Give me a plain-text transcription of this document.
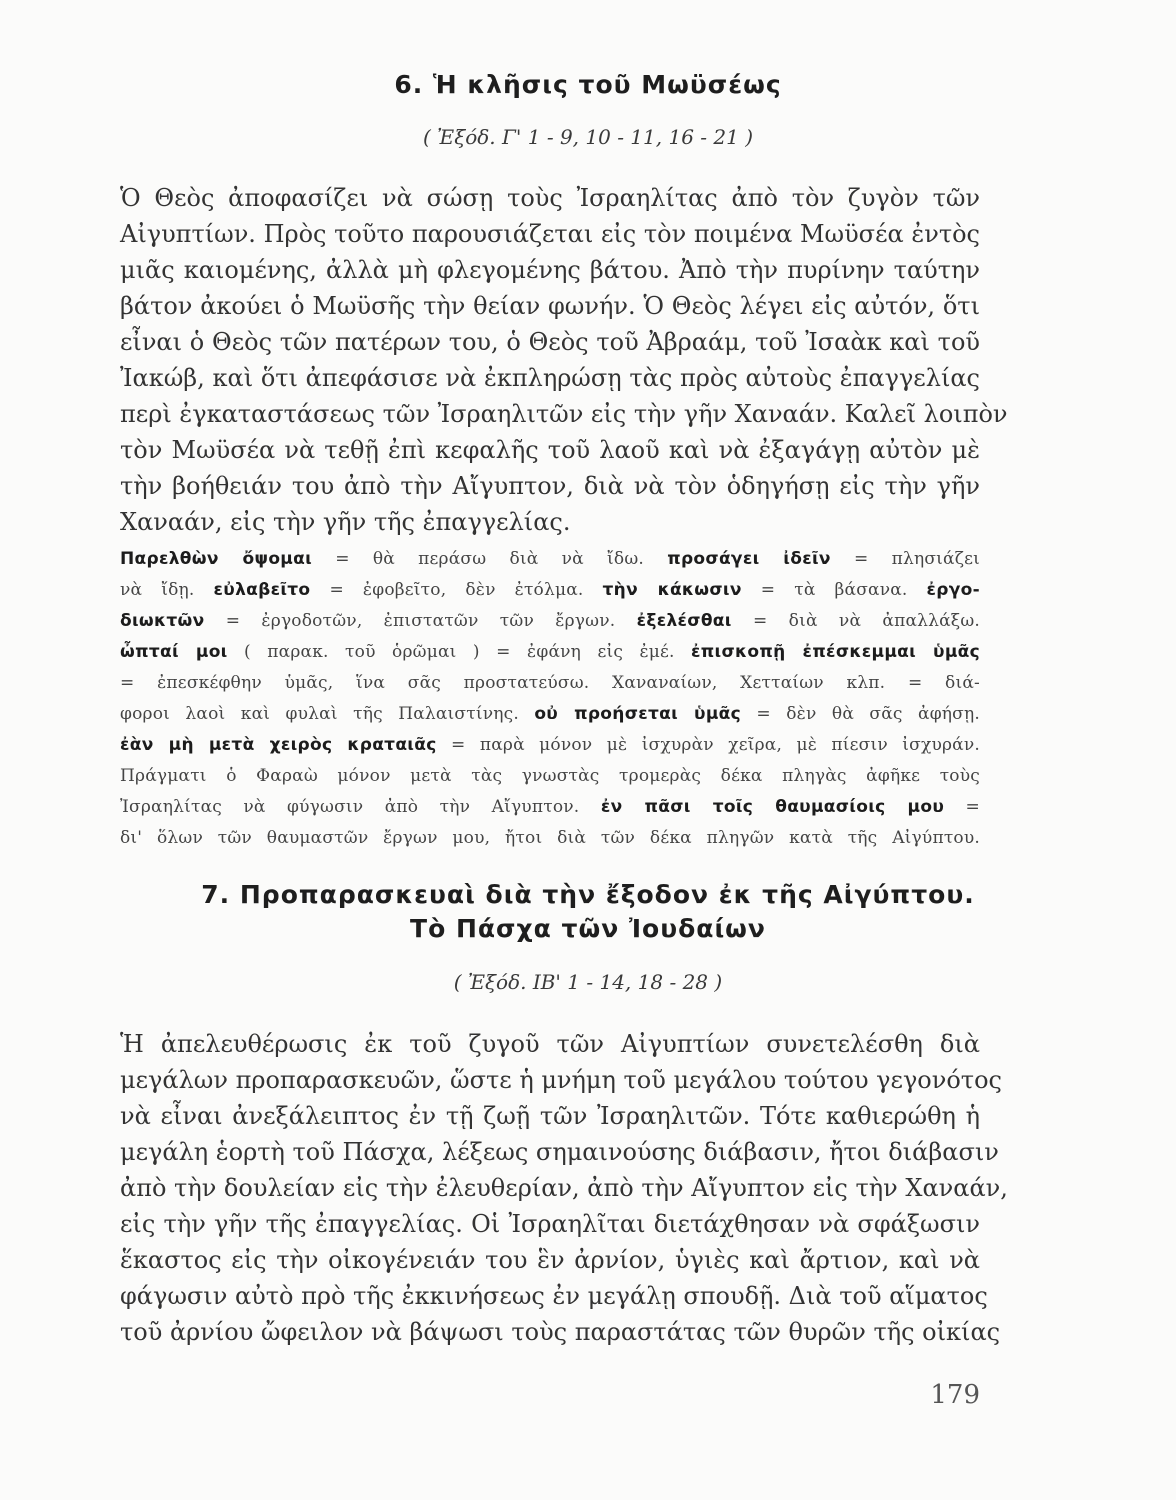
6. Ἡ κλῆσις τοῦ Μωϋσέως
( Ἐξόδ. Γ' 1 - 9, 10 - 11, 16 - 21 )
Ὁ Θεὸς ἀποφασίζει νὰ σώσῃ τοὺς Ἰσραηλίτας ἀπὸ τὸν ζυγὸν τῶν
Αἰγυπτίων. Πρὸς τοῦτο παρουσιάζεται εἰς τὸν ποιμένα Μωϋσέα ἐντὸς
μιᾶς καιομένης, ἀλλὰ μὴ φλεγομένης βάτου. Ἀπὸ τὴν πυρίνην ταύτην
βάτον ἀκούει ὁ Μωϋσῆς τὴν θείαν φωνήν. Ὁ Θεὸς λέγει εἰς αὐτόν, ὅτι
εἶναι ὁ Θεὸς τῶν πατέρων του, ὁ Θεὸς τοῦ Ἀβραάμ, τοῦ Ἰσαὰκ καὶ τοῦ
Ἰακώβ, καὶ ὅτι ἀπεφάσισε νὰ ἐκπληρώσῃ τὰς πρὸς αὐτοὺς ἐπαγγελίας
περὶ ἐγκαταστάσεως τῶν Ἰσραηλιτῶν εἰς τὴν γῆν Χαναάν. Καλεῖ λοιπὸν
τὸν Μωϋσέα νὰ τεθῇ ἐπὶ κεφαλῆς τοῦ λαοῦ καὶ νὰ ἐξαγάγῃ αὐτὸν μὲ
τὴν βοήθειάν του ἀπὸ τὴν Αἴγυπτον, διὰ νὰ τὸν ὁδηγήσῃ εἰς τὴν γῆν
Χαναάν, εἰς τὴν γῆν τῆς ἐπαγγελίας.
Παρελθὼν ὄψομαι = θὰ περάσω διὰ νὰ ἴδω. προσάγει ἰδεῖν = πλησιάζει
νὰ ἴδῃ. εὐλαβεῖτο = ἐφοβεῖτο, δὲν ἐτόλμα. τὴν κάκωσιν = τὰ βάσανα. ἐργο-
διωκτῶν = ἐργοδοτῶν, ἐπιστατῶν τῶν ἔργων. ἐξελέσθαι = διὰ νὰ ἀπαλλάξω.
ὦπταί μοι ( παρακ. τοῦ ὁρῶμαι ) = ἐφάνη εἰς ἐμέ. ἐπισκοπῇ ἐπέσκεμμαι ὑμᾶς
= ἐπεσκέφθην ὑμᾶς, ἵνα σᾶς προστατεύσω. Χαναναίων, Χετταίων κλπ. = διά-
φοροι λαοὶ καὶ φυλαὶ τῆς Παλαιστίνης. οὐ προήσεται ὑμᾶς = δὲν θὰ σᾶς ἀφήσῃ.
ἐὰν μὴ μετὰ χειρὸς κραταιᾶς = παρὰ μόνον μὲ ἰσχυρὰν χεῖρα, μὲ πίεσιν ἰσχυράν.
Πράγματι ὁ Φαραὼ μόνον μετὰ τὰς γνωστὰς τρομερὰς δέκα πληγὰς ἀφῆκε τοὺς
Ἰσραηλίτας νὰ φύγωσιν ἀπὸ τὴν Αἴγυπτον. ἐν πᾶσι τοῖς θαυμασίοις μου =
δι' ὅλων τῶν θαυμαστῶν ἔργων μου, ἤτοι διὰ τῶν δέκα πληγῶν κατὰ τῆς Αἰγύπτου.
7. Προπαρασκευαὶ διὰ τὴν ἔξοδον ἐκ τῆς Αἰγύπτου.
Τὸ Πάσχα τῶν Ἰουδαίων
( Ἐξόδ. ΙΒ' 1 - 14, 18 - 28 )
Ἡ ἀπελευθέρωσις ἐκ τοῦ ζυγοῦ τῶν Αἰγυπτίων συνετελέσθη διὰ
μεγάλων προπαρασκευῶν, ὥστε ἡ μνήμη τοῦ μεγάλου τούτου γεγονότος
νὰ εἶναι ἀνεξάλειπτος ἐν τῇ ζωῇ τῶν Ἰσραηλιτῶν. Τότε καθιερώθη ἡ
μεγάλη ἑορτὴ τοῦ Πάσχα, λέξεως σημαινούσης διάβασιν, ἤτοι διάβασιν
ἀπὸ τὴν δουλείαν εἰς τὴν ἐλευθερίαν, ἀπὸ τὴν Αἴγυπτον εἰς τὴν Χαναάν,
εἰς τὴν γῆν τῆς ἐπαγγελίας. Οἱ Ἰσραηλῖται διετάχθησαν νὰ σφάξωσιν
ἕκαστος εἰς τὴν οἰκογένειάν του ἓν ἀρνίον, ὑγιὲς καὶ ἄρτιον, καὶ νὰ
φάγωσιν αὐτὸ πρὸ τῆς ἐκκινήσεως ἐν μεγάλῃ σπουδῇ. Διὰ τοῦ αἵματος
τοῦ ἀρνίου ὤφειλον νὰ βάψωσι τοὺς παραστάτας τῶν θυρῶν τῆς οἰκίας
179
